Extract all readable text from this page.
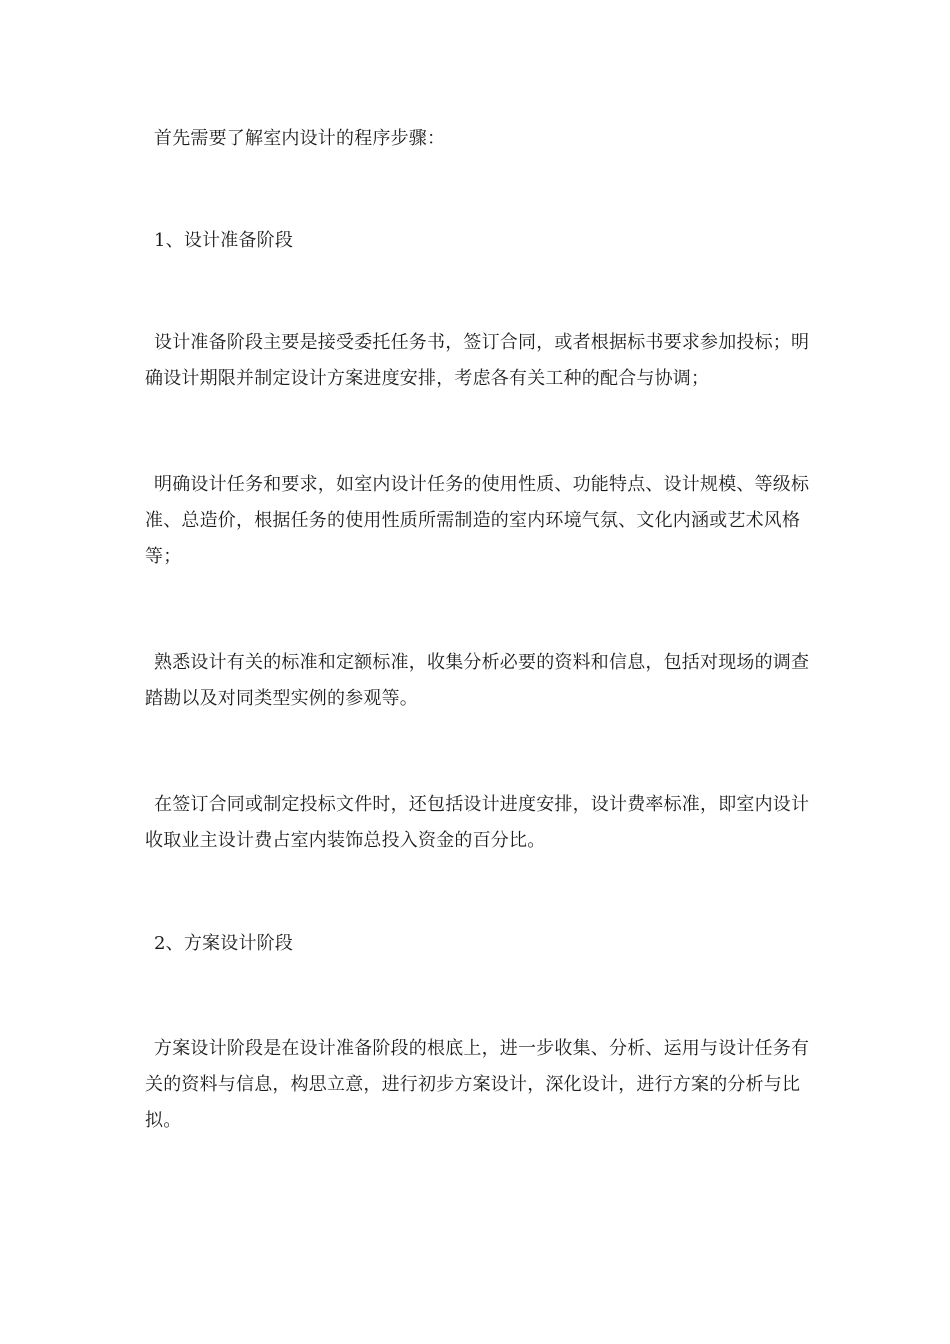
首先需要了解室内设计的程序步骤：

1、设计准备阶段

设计准备阶段主要是接受委托任务书，签订合同，或者根据标书要求参加投标；明确设计期限并制定设计方案进度安排，考虑各有关工种的配合与协调；

明确设计任务和要求，如室内设计任务的使用性质、功能特点、设计规模、等级标准、总造价，根据任务的使用性质所需制造的室内环境气氛、文化内涵或艺术风格等；

熟悉设计有关的标准和定额标准，收集分析必要的资料和信息，包括对现场的调查踏勘以及对同类型实例的参观等。

在签订合同或制定投标文件时，还包括设计进度安排，设计费率标准，即室内设计收取业主设计费占室内装饰总投入资金的百分比。

2、方案设计阶段

方案设计阶段是在设计准备阶段的根底上，进一步收集、分析、运用与设计任务有关的资料与信息，构思立意，进行初步方案设计，深化设计，进行方案的分析与比拟。
